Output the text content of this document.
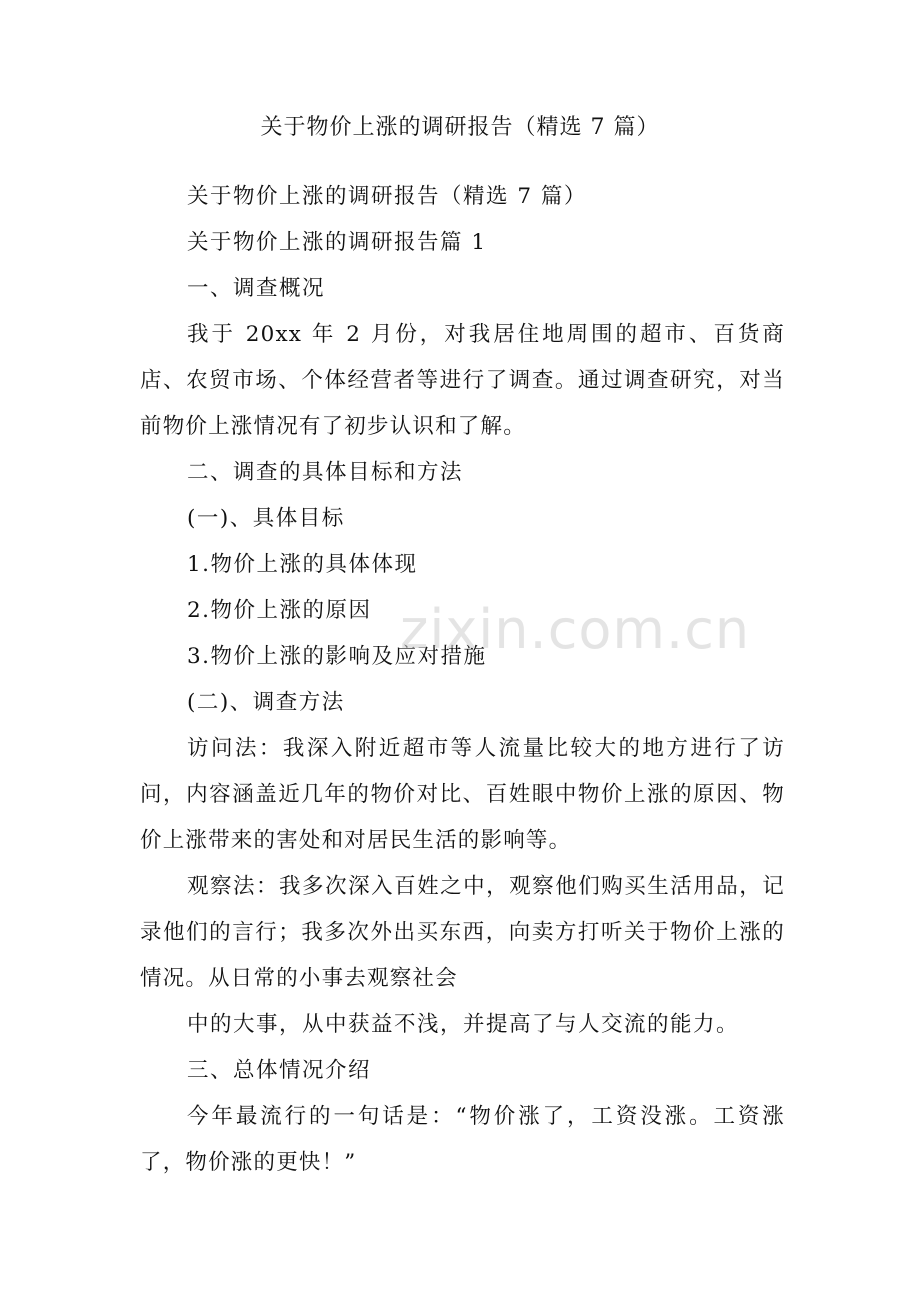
关于物价上涨的调研报告（精选 7 篇）

关于物价上涨的调研报告（精选 7 篇）

关于物价上涨的调研报告篇 1

一、调查概况

我于 20xx 年 2 月份，对我居住地周围的超市、百货商店、农贸市场、个体经营者等进行了调查。通过调查研究，对当前物价上涨情况有了初步认识和了解。

二、调查的具体目标和方法

(一)、具体目标

1.物价上涨的具体体现

2.物价上涨的原因

3.物价上涨的影响及应对措施

(二)、调查方法

访问法：我深入附近超市等人流量比较大的地方进行了访问，内容涵盖近几年的物价对比、百姓眼中物价上涨的原因、物价上涨带来的害处和对居民生活的影响等。

观察法：我多次深入百姓之中，观察他们购买生活用品，记录他们的言行；我多次外出买东西，向卖方打听关于物价上涨的情况。从日常的小事去观察社会

中的大事，从中获益不浅，并提高了与人交流的能力。

三、总体情况介绍

今年最流行的一句话是：“物价涨了，工资没涨。工资涨了，物价涨的更快！”

zixin.com.cn
